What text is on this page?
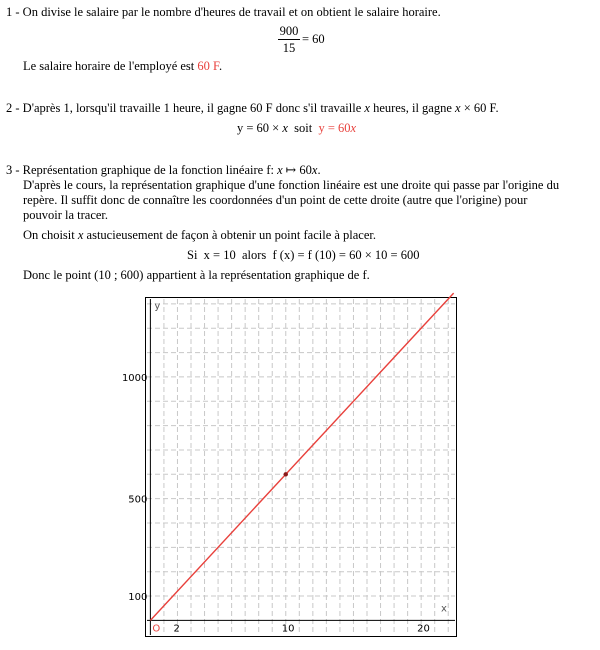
1 - On divise le salaire par le nombre d'heures de travail et on obtient le salaire horaire.
$\frac{900}{15} = 60$
Le salaire horaire de l'employé est 60 F.
2 - D'après 1, lorsqu'il travaille 1 heure, il gagne 60 F donc s'il travaille x heures, il gagne x × 60 F.
y = 60 × x  soit  y = 60x
3 - Représentation graphique de la fonction linéaire f: x ↦ 60x.
D'après le cours, la représentation graphique d'une fonction linéaire est une droite qui passe par l'origine du
repère. Il suffit donc de connaître les coordonnées d'un point de cette droite (autre que l'origine) pour
pouvoir la tracer.
On choisit x astucieusement de façon à obtenir un point facile à placer.
Si  x = 10  alors  f (x) = f (10) = 60 × 10 = 600
Donc le point (10 ; 600) appartient à la représentation graphique de f.
y
x
O 2	10	20
100
500
1000
